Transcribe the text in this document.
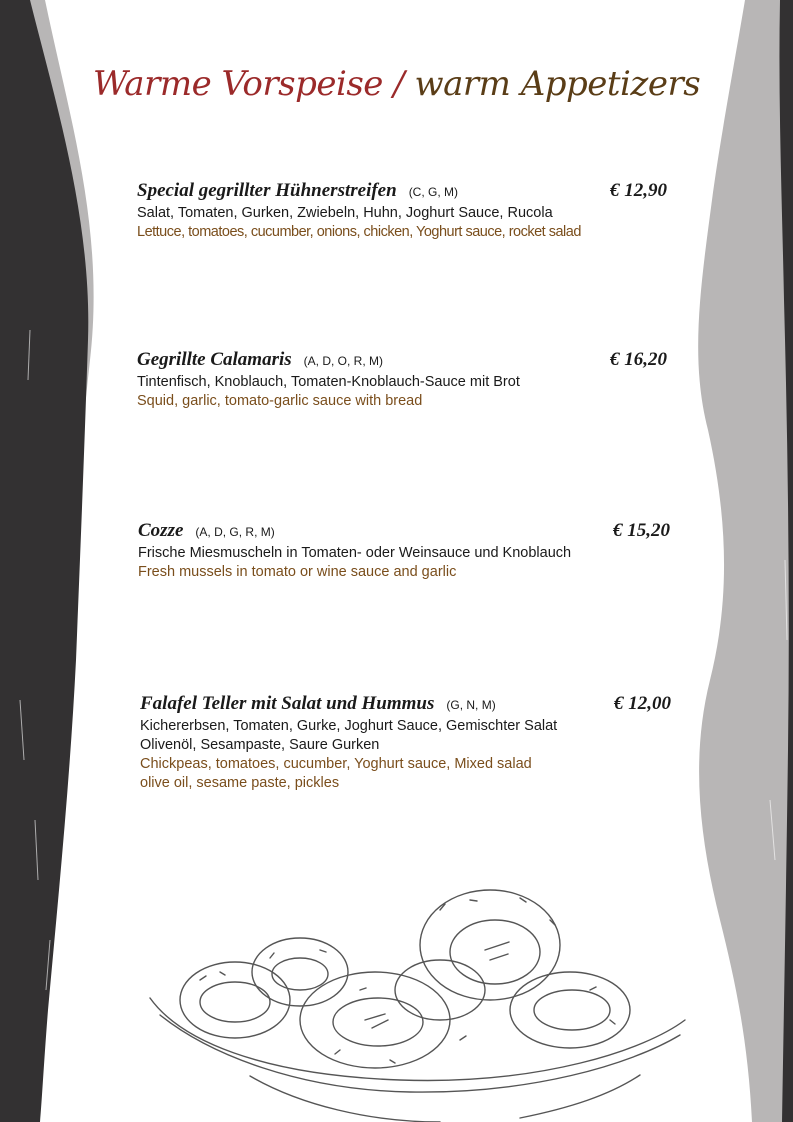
Warme Vorspeise / warm Appetizers
Special gegrillter Hühnerstreifen (C, G, M)	€ 12,90
Salat, Tomaten, Gurken, Zwiebeln, Huhn, Joghurt Sauce, Rucola
Lettuce, tomatoes, cucumber, onions, chicken, Yoghurt sauce, rocket salad
Gegrillte Calamaris (A, D, O, R, M)	€ 16,20
Tintenfisch, Knoblauch, Tomaten-Knoblauch-Sauce mit Brot
Squid, garlic, tomato-garlic sauce with bread
Cozze (A, D, G, R, M)	€ 15,20
Frische Miesmuscheln in Tomaten- oder Weinsauce und Knoblauch
Fresh mussels in tomato or wine sauce and garlic
Falafel Teller mit Salat und Hummus (G, N, M)	€ 12,00
Kichererbsen, Tomaten, Gurke, Joghurt Sauce, Gemischter Salat
Olivenöl, Sesampaste, Saure Gurken
Chickpeas, tomatoes, cucumber, Yoghurt sauce, Mixed salad
olive oil, sesame paste, pickles
